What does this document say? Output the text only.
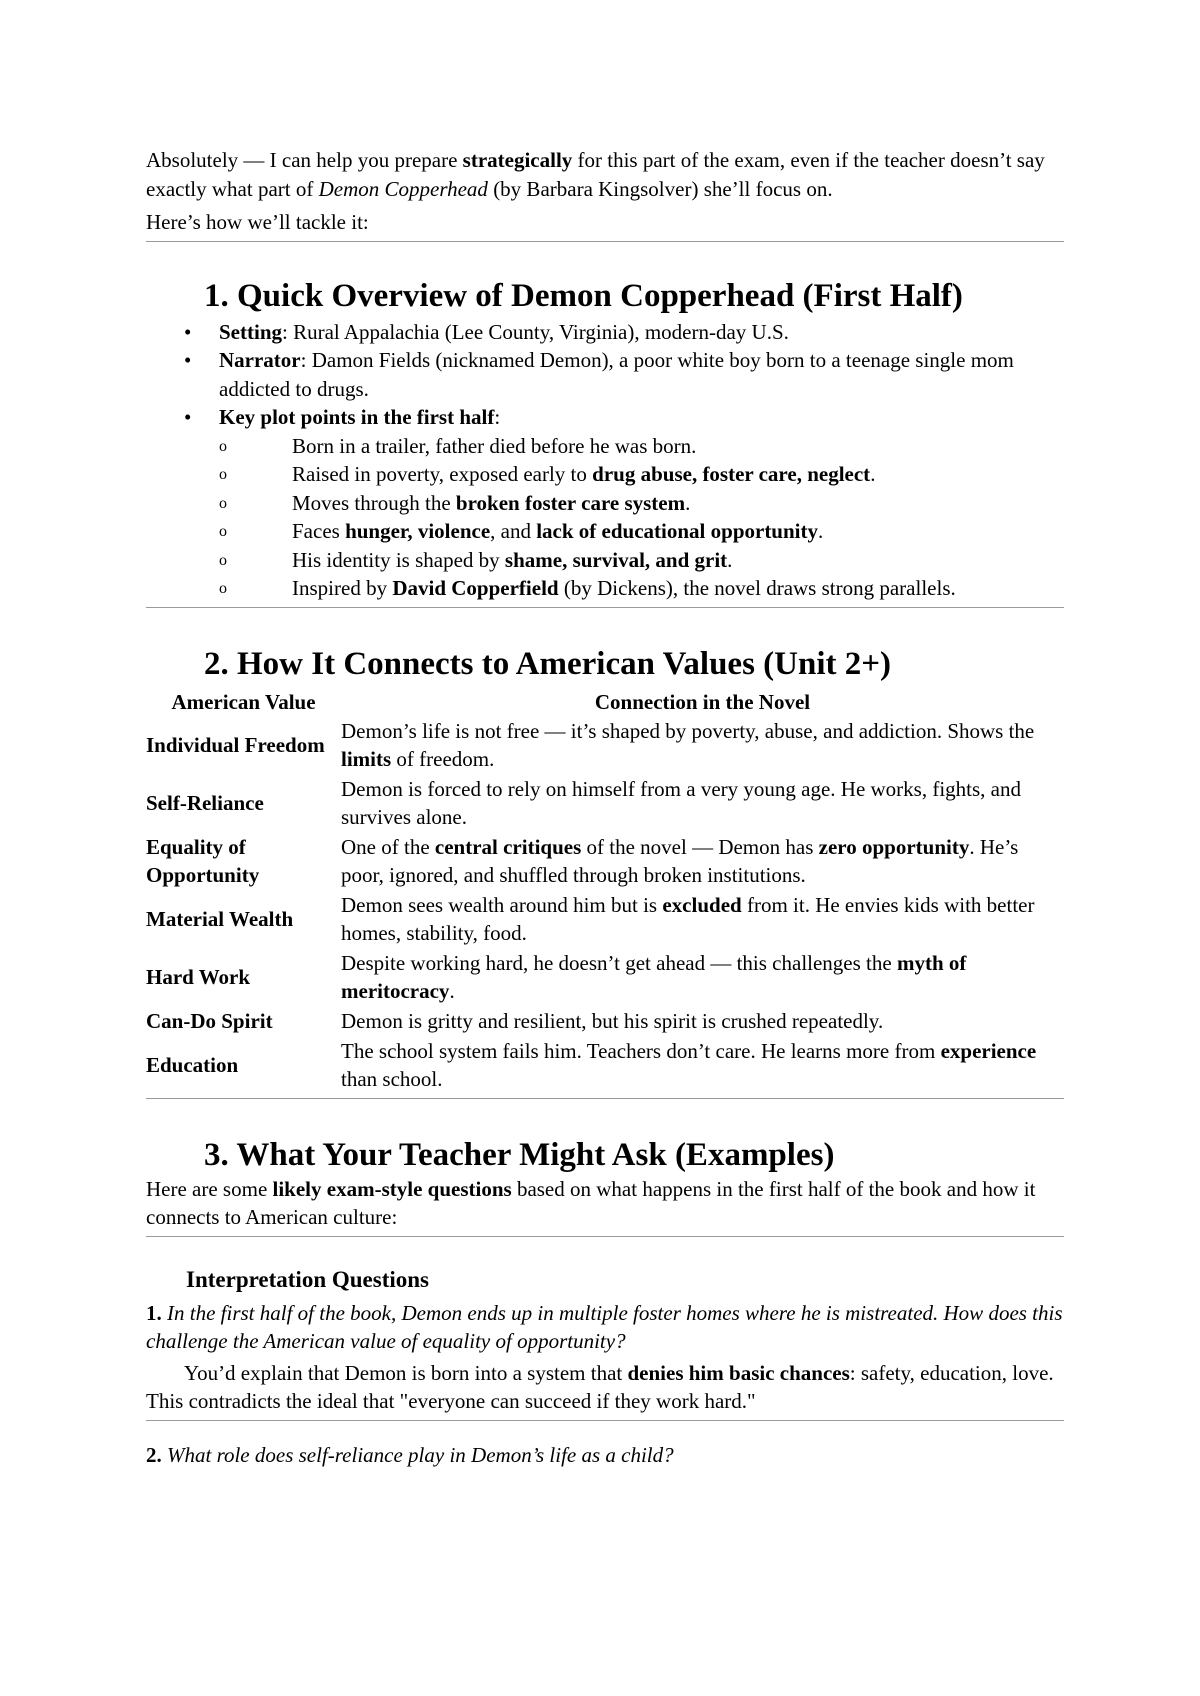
Absolutely — I can help you prepare strategically for this part of the exam, even if the teacher doesn’t say exactly what part of Demon Copperhead (by Barbara Kingsolver) she’ll focus on.

Here’s how we’ll tackle it:

1. Quick Overview of Demon Copperhead (First Half)
• Setting: Rural Appalachia (Lee County, Virginia), modern-day U.S.
• Narrator: Damon Fields (nicknamed Demon), a poor white boy born to a teenage single mom addicted to drugs.
• Key plot points in the first half:
o Born in a trailer, father died before he was born.
o Raised in poverty, exposed early to drug abuse, foster care, neglect.
o Moves through the broken foster care system.
o Faces hunger, violence, and lack of educational opportunity.
o His identity is shaped by shame, survival, and grit.
o Inspired by David Copperfield (by Dickens), the novel draws strong parallels.
2. How It Connects to American Values (Unit 2+)
American Value	Connection in the Novel
Individual Freedom	Demon’s life is not free — it’s shaped by poverty, abuse, and addiction. Shows the limits of freedom.
Self-Reliance	Demon is forced to rely on himself from a very young age. He works, fights, and survives alone.
Equality of Opportunity	One of the central critiques of the novel — Demon has zero opportunity. He’s poor, ignored, and shuffled through broken institutions.
Material Wealth	Demon sees wealth around him but is excluded from it. He envies kids with better homes, stability, food.
Hard Work	Despite working hard, he doesn’t get ahead — this challenges the myth of meritocracy.
Can-Do Spirit	Demon is gritty and resilient, but his spirit is crushed repeatedly.
Education	The school system fails him. Teachers don’t care. He learns more from experience than school.
3. What Your Teacher Might Ask (Examples)

Here are some likely exam-style questions based on what happens in the first half of the book and how it connects to American culture:

Interpretation Questions

1. In the first half of the book, Demon ends up in multiple foster homes where he is mistreated. How does this challenge the American value of equality of opportunity?

You’d explain that Demon is born into a system that denies him basic chances: safety, education, love. This contradicts the ideal that "everyone can succeed if they work hard."

2. What role does self-reliance play in Demon’s life as a child?
